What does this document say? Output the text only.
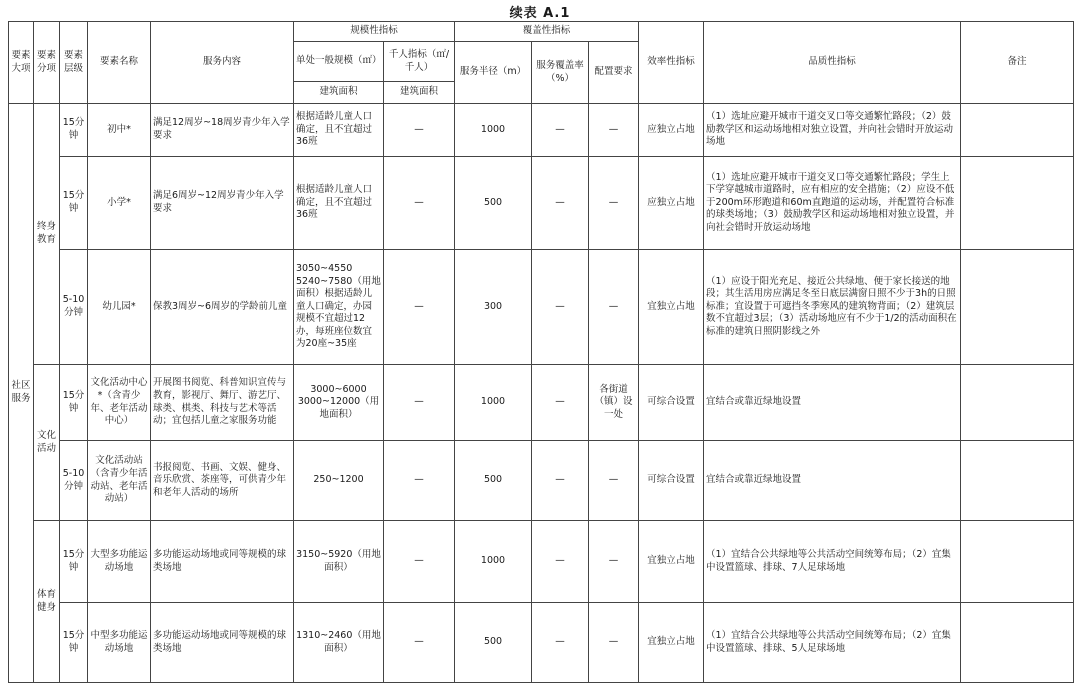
续表 A.1
要素大项	要素分项	要素层级	要素名称	服务内容	规模性指标		覆盖性指标			效率性指标	品质性指标	备注
					单处一般规模（㎡）	千人指标（㎡/千人）	服务半径（m）	服务覆盖率（%）	配置要求			
					建筑面积	建筑面积						
社区服务	终身教育	15分钟	初中*	满足12周岁~18周岁青少年入学要求	根据适龄儿童人口确定，且不宜超过36班	—	1000	—	—	应独立占地	（1）选址应避开城市干道交叉口等交通繁忙路段；（2）鼓励教学区和运动场地相对独立设置，并向社会错时开放运动场地	
		15分钟	小学*	满足6周岁~12周岁青少年入学要求	根据适龄儿童人口确定，且不宜超过36班	—	500	—	—	应独立占地	（1）选址应避开城市干道交叉口等交通繁忙路段；学生上下学穿越城市道路时，应有相应的安全措施；（2）应设不低于200m环形跑道和60m直跑道的运动场，并配置符合标准的球类场地；（3）鼓励教学区和运动场地相对独立设置，并向社会错时开放运动场地	
		5-10分钟	幼儿园*	保教3周岁~6周岁的学龄前儿童	3050~4550 5240~7580（用地面积）根据适龄儿童人口确定，办园规模不宜超过12办，每班座位数宜为20座~35座	—	300	—	—	宜独立占地	（1）应设于阳光充足、接近公共绿地、便于家长接送的地段；其生活用房应满足冬至日底层满窗日照不少于3h的日照标准；宜设置于可遮挡冬季寒风的建筑物背面；（2）建筑层数不宜超过3层；（3）活动场地应有不少于1/2的活动面积在标准的建筑日照阴影线之外	
	文化活动	15分钟	文化活动中心*（含青少年、老年活动中心）	开展图书阅览、科普知识宣传与教育，影视厅、舞厅、游艺厅、球类、棋类、科技与艺术等活动；宜包括儿童之家服务功能	3000~6000 3000~12000（用地面积）	—	1000	—	各街道（镇）设一处	可综合设置	宜结合或靠近绿地设置	
		5-10分钟	文化活动站（含青少年活动站、老年活动站）	书报阅览、书画、文娱、健身、音乐欣赏、茶座等，可供青少年和老年人活动的场所	250~1200	—	500	—	—	可综合设置	宜结合或靠近绿地设置	
	体育健身	15分钟	大型多功能运动场地	多功能运动场地或同等规模的球类场地	3150~5920（用地面积）	—	1000	—	—	宜独立占地	（1）宜结合公共绿地等公共活动空间统筹布局；（2）宜集中设置篮球、排球、7人足球场地	
		15分钟	中型多功能运动场地	多功能运动场地或同等规模的球类场地	1310~2460（用地面积）	—	500	—	—	宜独立占地	（1）宜结合公共绿地等公共活动空间统筹布局；（2）宜集中设置篮球、排球、5人足球场地	
